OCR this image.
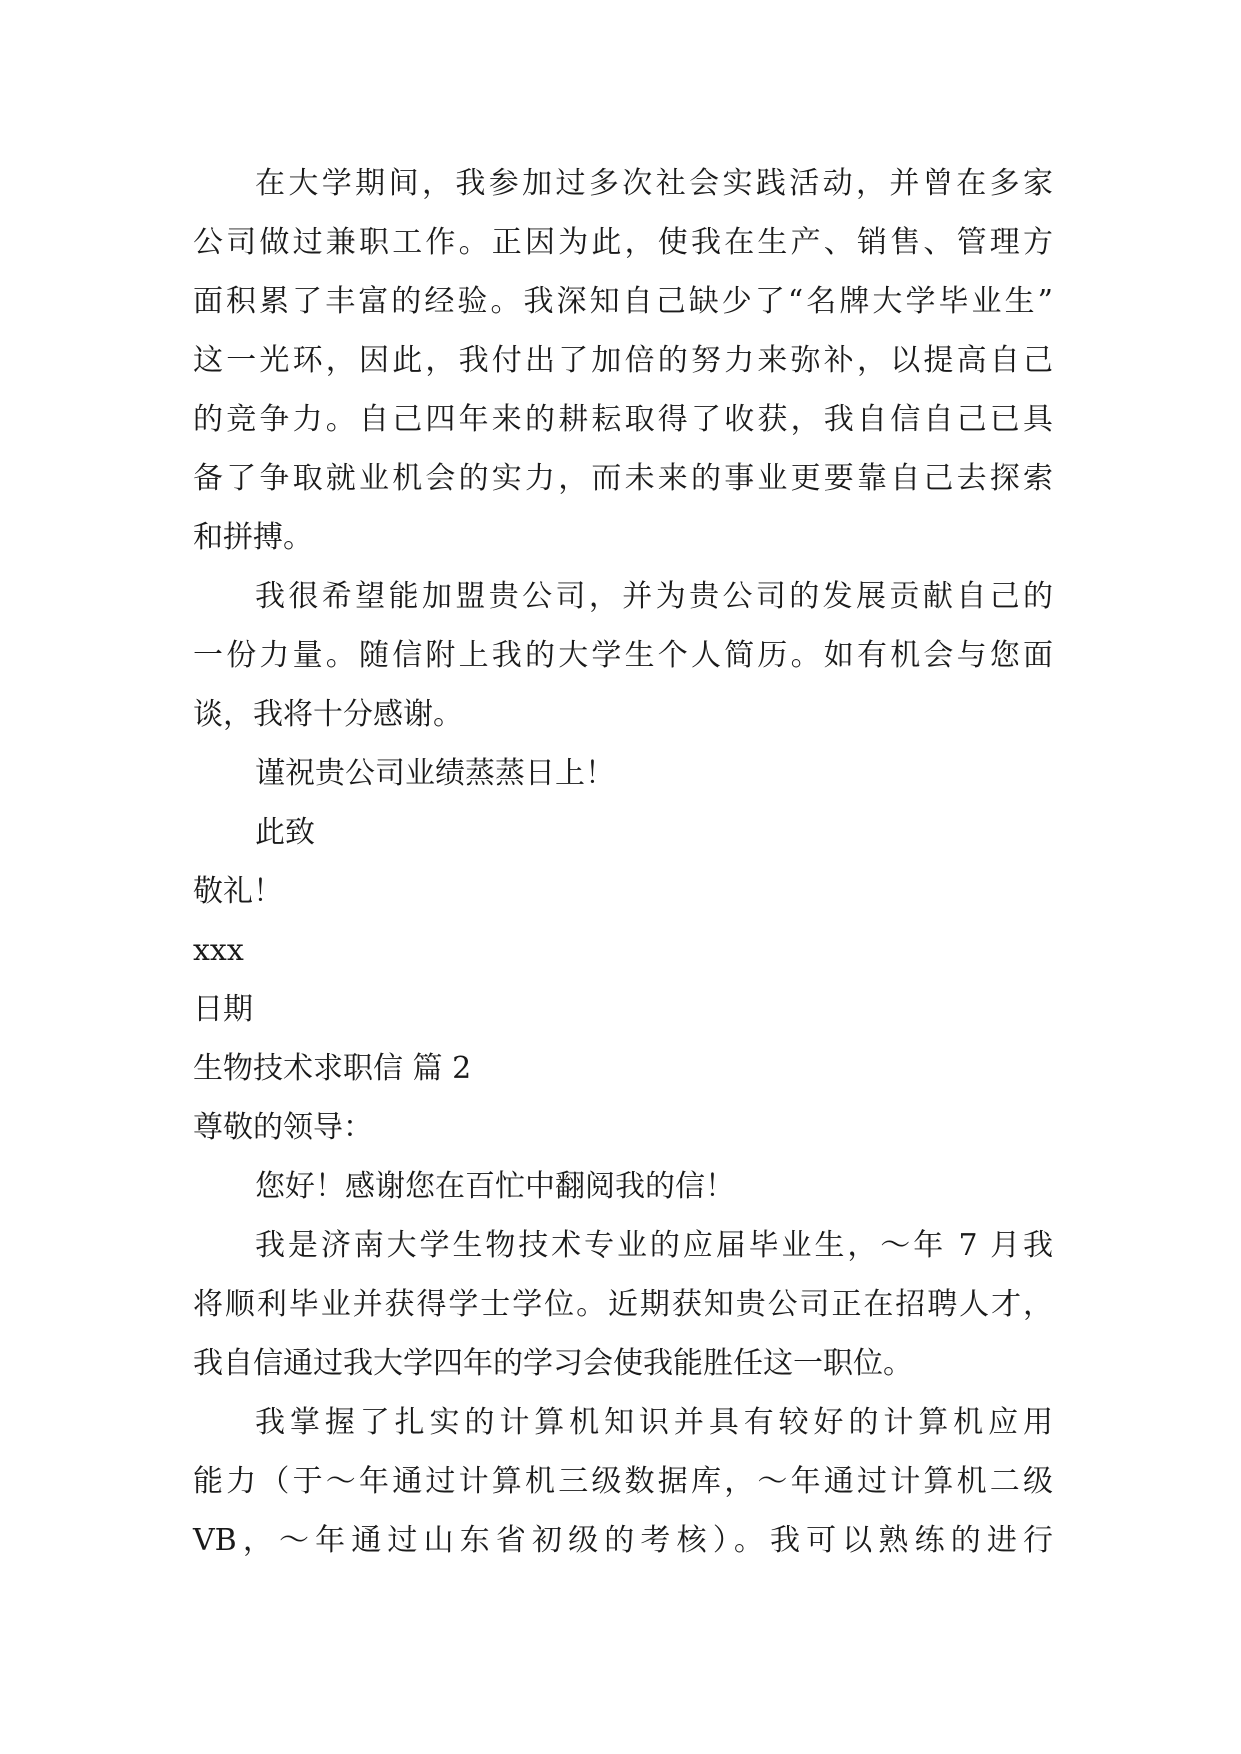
在大学期间，我参加过多次社会实践活动，并曾在多家
公司做过兼职工作。正因为此，使我在生产、销售、管理方
面积累了丰富的经验。我深知自己缺少了“名牌大学毕业生”
这一光环，因此，我付出了加倍的努力来弥补，以提高自己
的竞争力。自己四年来的耕耘取得了收获，我自信自己已具
备了争取就业机会的实力，而未来的事业更要靠自己去探索
和拼搏。
我很希望能加盟贵公司，并为贵公司的发展贡献自己的
一份力量。随信附上我的大学生个人简历。如有机会与您面
谈，我将十分感谢。
谨祝贵公司业绩蒸蒸日上！
此致
敬礼！
xxx
日期
生物技术求职信 篇 2
尊敬的领导：
您好！感谢您在百忙中翻阅我的信！
我是济南大学生物技术专业的应届毕业生，～年 7 月我
将顺利毕业并获得学士学位。近期获知贵公司正在招聘人才，
我自信通过我大学四年的学习会使我能胜任这一职位。
我掌握了扎实的计算机知识并具有较好的计算机应用
能力（于～年通过计算机三级数据库，～年通过计算机二级
VB，～年通过山东省初级的考核）。我可以熟练的进行
